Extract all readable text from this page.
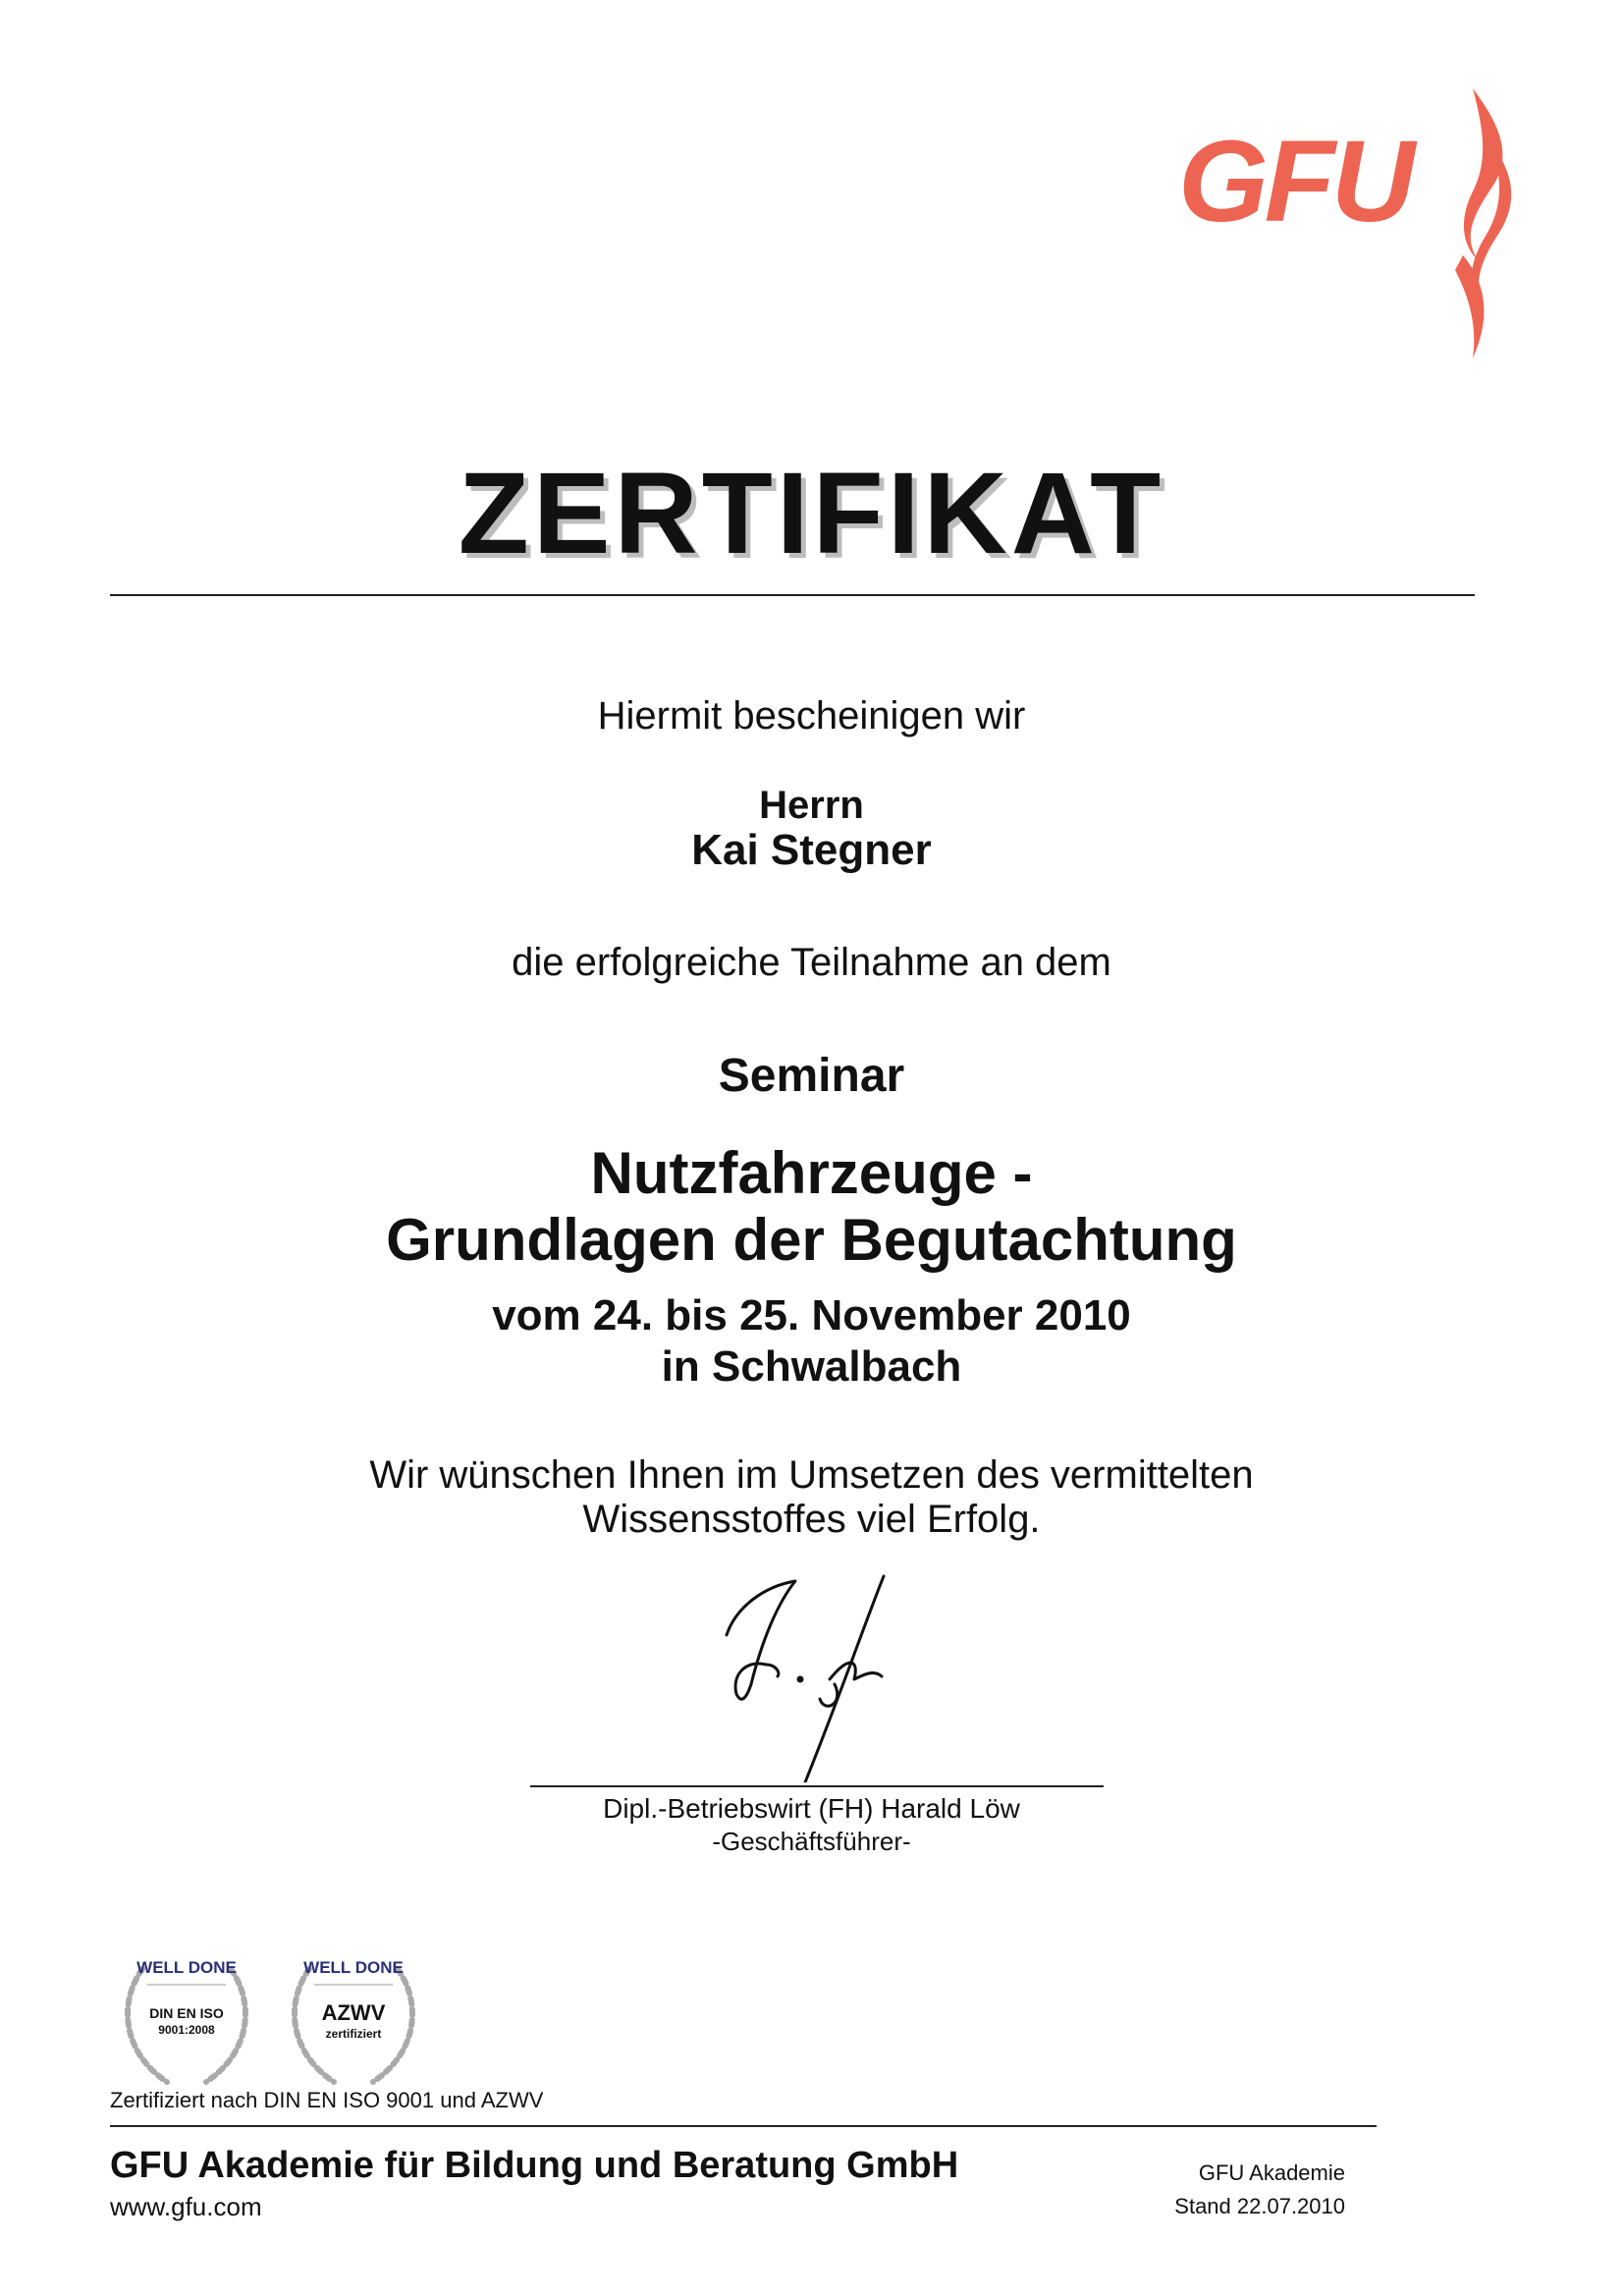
GFU
ZERTIFIKAT
Hiermit bescheinigen wir
Herrn
Kai Stegner
die erfolgreiche Teilnahme an dem
Seminar
Nutzfahrzeuge -
Grundlagen der Begutachtung
vom 24. bis 25. November 2010
in Schwalbach
Wir wünschen Ihnen im Umsetzen des vermittelten
Wissensstoffes viel Erfolg.
Dipl.-Betriebswirt (FH) Harald Löw
-Geschäftsführer-
WELL DONE
DIN EN ISO
9001:2008
WELL DONE
AZWV
zertifiziert
Zertifiziert nach DIN EN ISO 9001 und AZWV
GFU Akademie für Bildung und Beratung GmbH
www.gfu.com
GFU Akademie
Stand 22.07.2010
